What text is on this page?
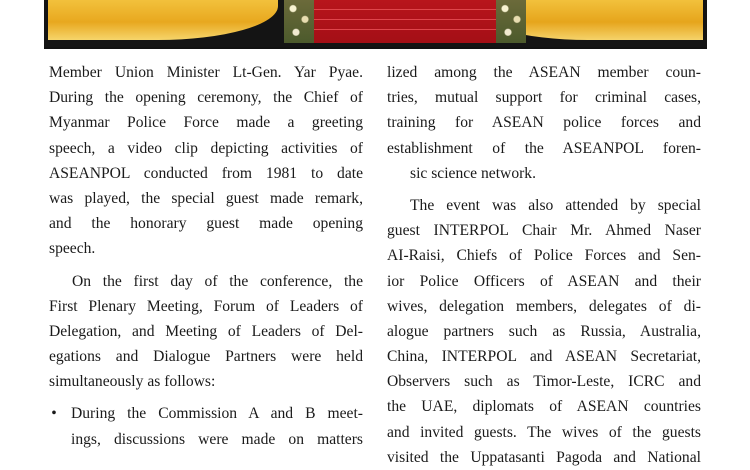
Member Union Minister Lt-Gen. Yar Pyae.
During the opening ceremony, the Chief of
Myanmar Police Force made a greeting
speech, a video clip depicting activities of
ASEANPOL conducted from 1981 to date
was played, the special guest made remark,
and the honorary guest made opening
speech.
On the first day of the conference, the
First Plenary Meeting, Forum of Leaders of
Delegation, and Meeting of Leaders of Del-
egations and Dialogue Partners were held
simultaneously as follows:
• During the Commission A and B meet-
ings, discussions were made on matters
lized among the ASEAN member coun-
tries, mutual support for criminal cases,
training for ASEAN police forces and
establishment of the ASEANPOL foren-
sic science network.
The event was also attended by special
guest INTERPOL Chair Mr. Ahmed Naser
AI-Raisi, Chiefs of Police Forces and Sen-
ior Police Officers of ASEAN and their
wives, delegation members, delegates of di-
alogue partners such as Russia, Australia,
China, INTERPOL and ASEAN Secretariat,
Observers such as Timor-Leste, ICRC and
the UAE, diplomats of ASEAN countries
and invited guests. The wives of the guests
visited the Uppatasanti Pagoda and National
